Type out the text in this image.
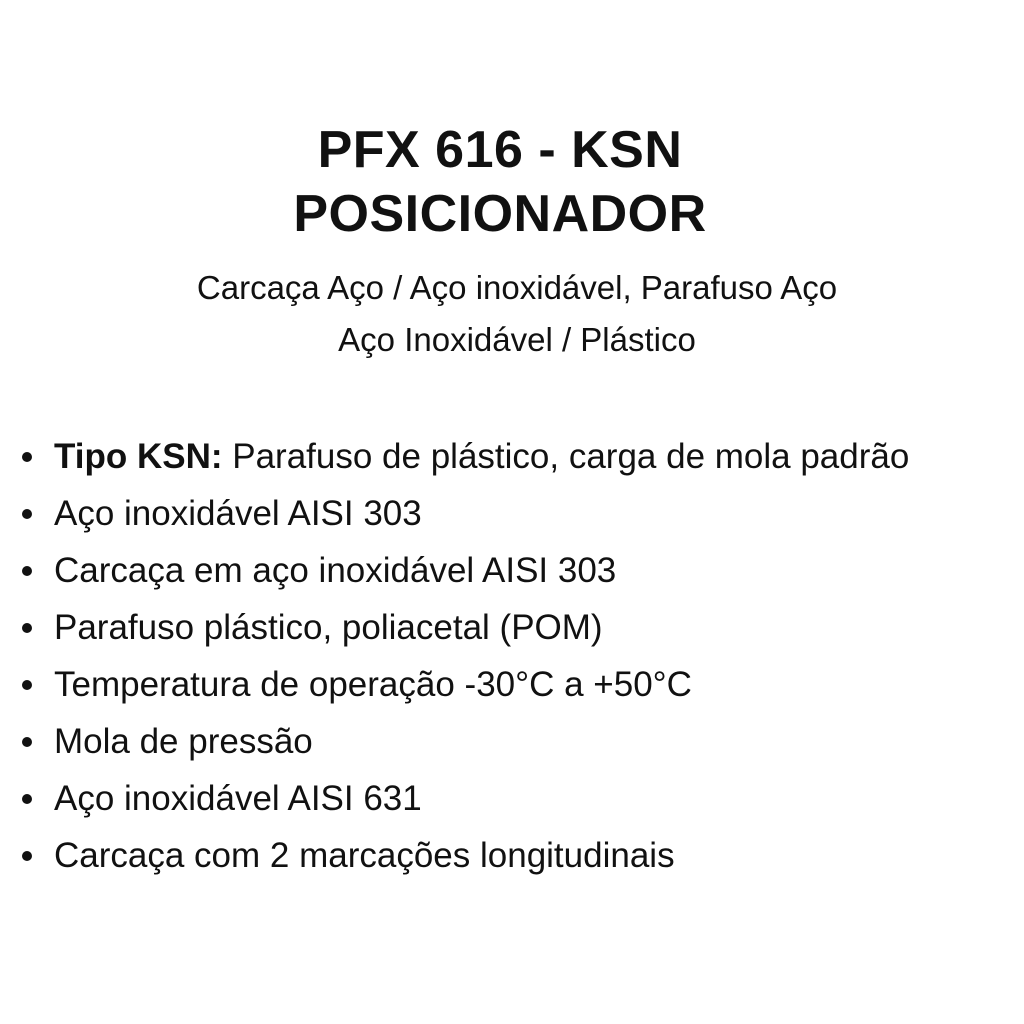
PFX 616 - KSN

POSICIONADOR

Carcaça Aço / Aço inoxidável, Parafuso Aço

Aço Inoxidável / Plástico

Tipo KSN: Parafuso de plástico, carga de mola padrão
Aço inoxidável AISI 303
Carcaça em aço inoxidável AISI 303
Parafuso plástico, poliacetal (POM)
Temperatura de operação -30°C a +50°C
Mola de pressão
Aço inoxidável AISI 631
Carcaça com 2 marcações longitudinais
